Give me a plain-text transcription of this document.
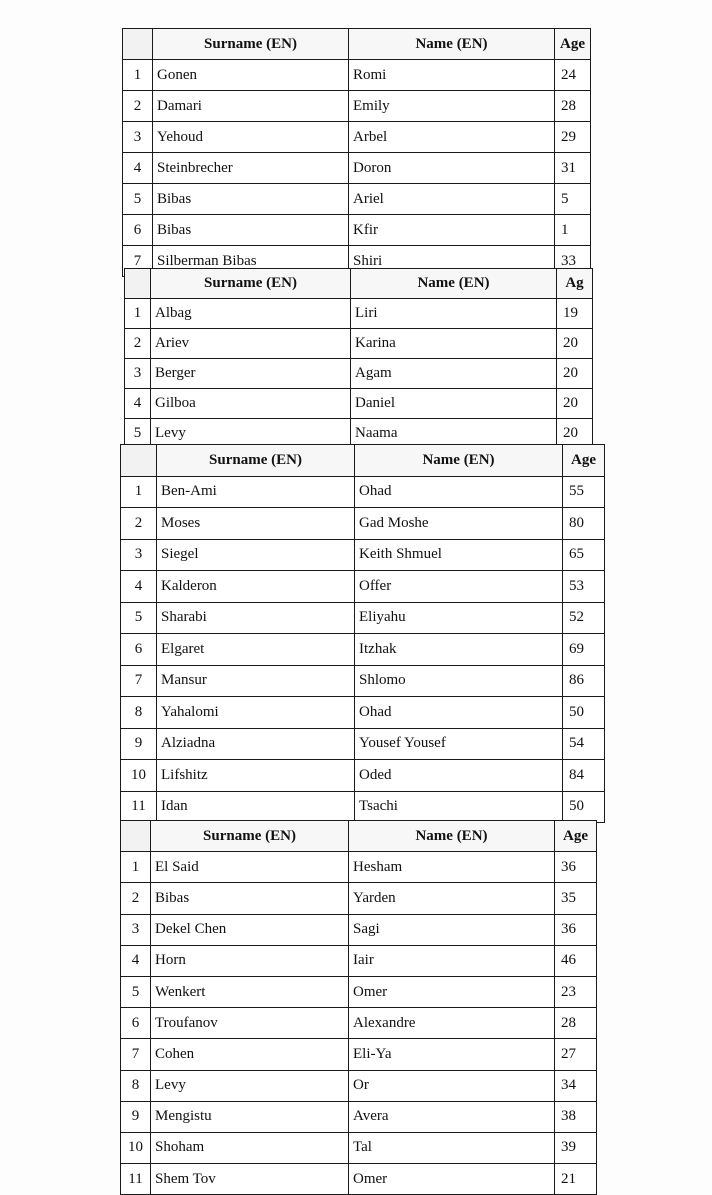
	Surname (EN)	Name (EN)	Age
1	Gonen	Romi	24
2	Damari	Emily	28
3	Yehoud	Arbel	29
4	Steinbrecher	Doron	31
5	Bibas	Ariel	5
6	Bibas	Kfir	1
7	Silberman Bibas	Shiri	33
	Surname (EN)	Name (EN)	Ag
1	Albag	Liri	19
2	Ariev	Karina	20
3	Berger	Agam	20
4	Gilboa	Daniel	20
5	Levy	Naama	20
	Surname (EN)	Name (EN)	Age
1	Ben-Ami	Ohad	55
2	Moses	Gad Moshe	80
3	Siegel	Keith Shmuel	65
4	Kalderon	Offer	53
5	Sharabi	Eliyahu	52
6	Elgaret	Itzhak	69
7	Mansur	Shlomo	86
8	Yahalomi	Ohad	50
9	Alziadna	Yousef Yousef	54
10	Lifshitz	Oded	84
11	Idan	Tsachi	50
	Surname (EN)	Name (EN)	Age
1	El Said	Hesham	36
2	Bibas	Yarden	35
3	Dekel Chen	Sagi	36
4	Horn	Iair	46
5	Wenkert	Omer	23
6	Troufanov	Alexandre	28
7	Cohen	Eli-Ya	27
8	Levy	Or	34
9	Mengistu	Avera	38
10	Shoham	Tal	39
11	Shem Tov	Omer	21
